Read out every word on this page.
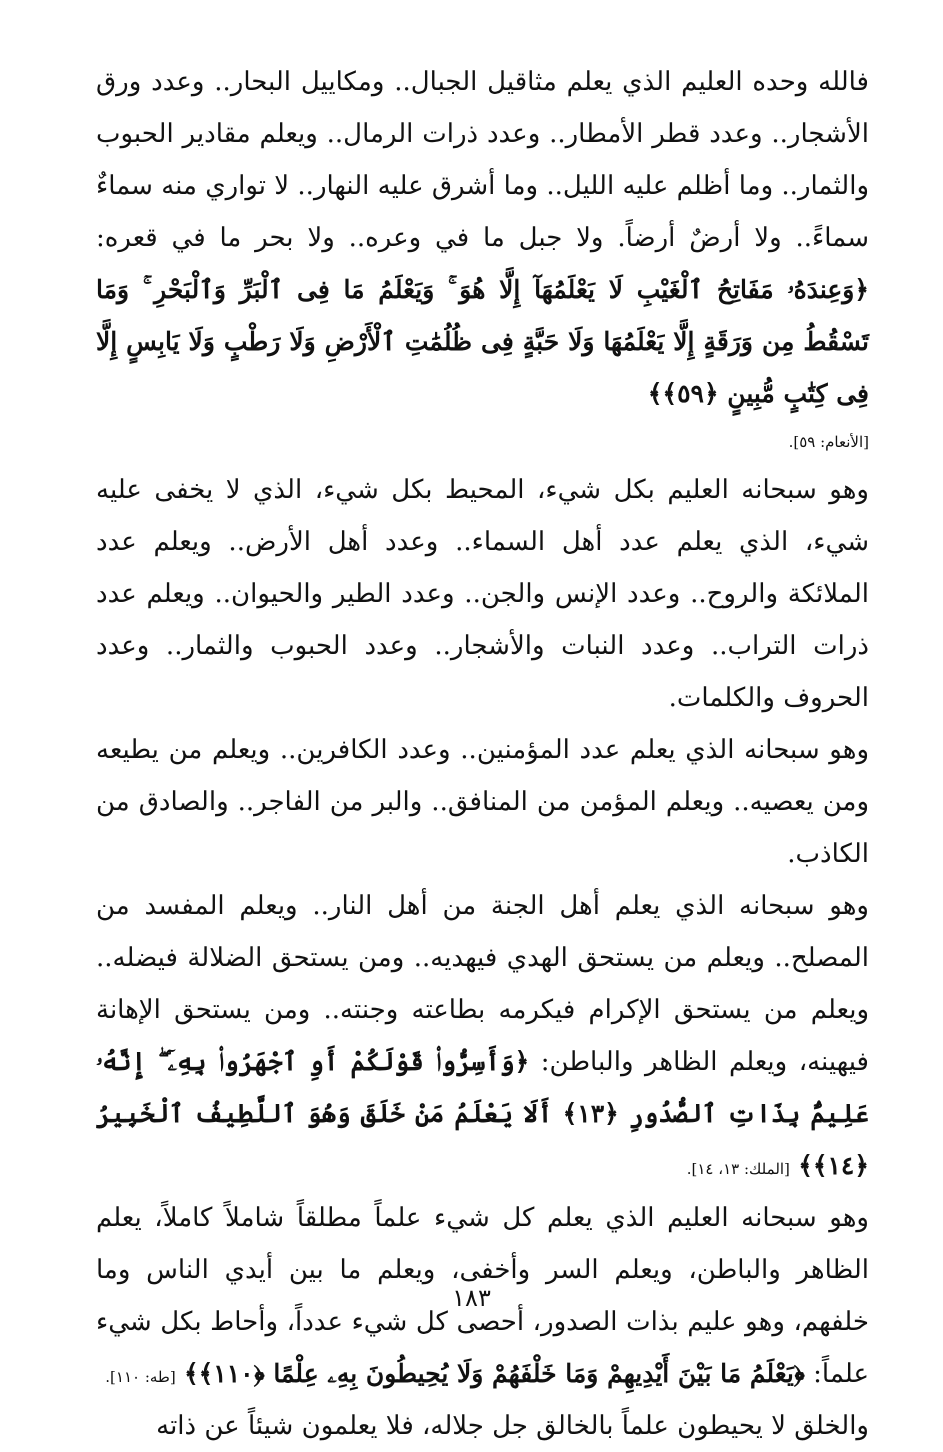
فالله وحده العليم الذي يعلم مثاقيل الجبال.. ومكاييل البحار.. وعدد ورق الأشجار.. وعدد قطر الأمطار.. وعدد ذرات الرمال.. ويعلم مقادير الحبوب والثمار.. وما أظلم عليه الليل.. وما أشرق عليه النهار.. لا تواري منه سماءٌ سماءً.. ولا أرضٌ أرضاً. ولا جبل ما في وعره.. ولا بحر ما في قعره: ﴿وَعِندَهُۥ مَفَاتِحُ ٱلْغَيْبِ لَا يَعْلَمُهَآ إِلَّا هُوَ ۚ وَيَعْلَمُ مَا فِى ٱلْبَرِّ وَٱلْبَحْرِ ۚ وَمَا تَسْقُطُ مِن وَرَقَةٍ إِلَّا يَعْلَمُهَا وَلَا حَبَّةٍ فِى ظُلُمَٰتِ ٱلْأَرْضِ وَلَا رَطْبٍ وَلَا يَابِسٍ إِلَّا فِى كِتَٰبٍ مُّبِينٍ ﴿٥٩﴾﴾
[الأنعام: ٥٩].

وهو سبحانه العليم بكل شيء، المحيط بكل شيء، الذي لا يخفى عليه شيء، الذي يعلم عدد أهل السماء.. وعدد أهل الأرض.. ويعلم عدد الملائكة والروح.. وعدد الإنس والجن.. وعدد الطير والحيوان.. ويعلم عدد ذرات التراب.. وعدد النبات والأشجار.. وعدد الحبوب والثمار.. وعدد الحروف والكلمات.

وهو سبحانه الذي يعلم عدد المؤمنين.. وعدد الكافرين.. ويعلم من يطيعه ومن يعصيه.. ويعلم المؤمن من المنافق.. والبر من الفاجر.. والصادق من الكاذب.

وهو سبحانه الذي يعلم أهل الجنة من أهل النار.. ويعلم المفسد من المصلح.. ويعلم من يستحق الهدي فيهديه.. ومن يستحق الضلالة فيضله.. ويعلم من يستحق الإكرام فيكرمه بطاعته وجنته.. ومن يستحق الإهانة فيهينه، ويعلم الظاهر والباطن: ﴿وَأَسِرُّوا۟ قَوْلَكُمْ أَوِ ٱجْهَرُوا۟ بِهِۦٓ ۖ إِنَّهُۥ عَلِيمٌۢ بِذَاتِ ٱلصُّدُورِ ﴿١٣﴾ أَلَا يَعْلَمُ مَنْ خَلَقَ وَهُوَ ٱللَّطِيفُ ٱلْخَبِيرُ ﴿١٤﴾﴾ [الملك: ١٣، ١٤].

وهو سبحانه العليم الذي يعلم كل شيء علماً مطلقاً شاملاً كاملاً، يعلم الظاهر والباطن، ويعلم السر وأخفى، ويعلم ما بين أيدي الناس وما خلفهم، وهو عليم بذات الصدور، أحصى كل شيء عدداً، وأحاط بكل شيء علماً: ﴿يَعْلَمُ مَا بَيْنَ أَيْدِيهِمْ وَمَا خَلْفَهُمْ وَلَا يُحِيطُونَ بِهِۦ عِلْمًا ﴿١١٠﴾﴾ [طه: ١١٠].

والخلق لا يحيطون علماً بالخالق جل جلاله، فلا يعلمون شيئاً عن ذاته

١٨٣
